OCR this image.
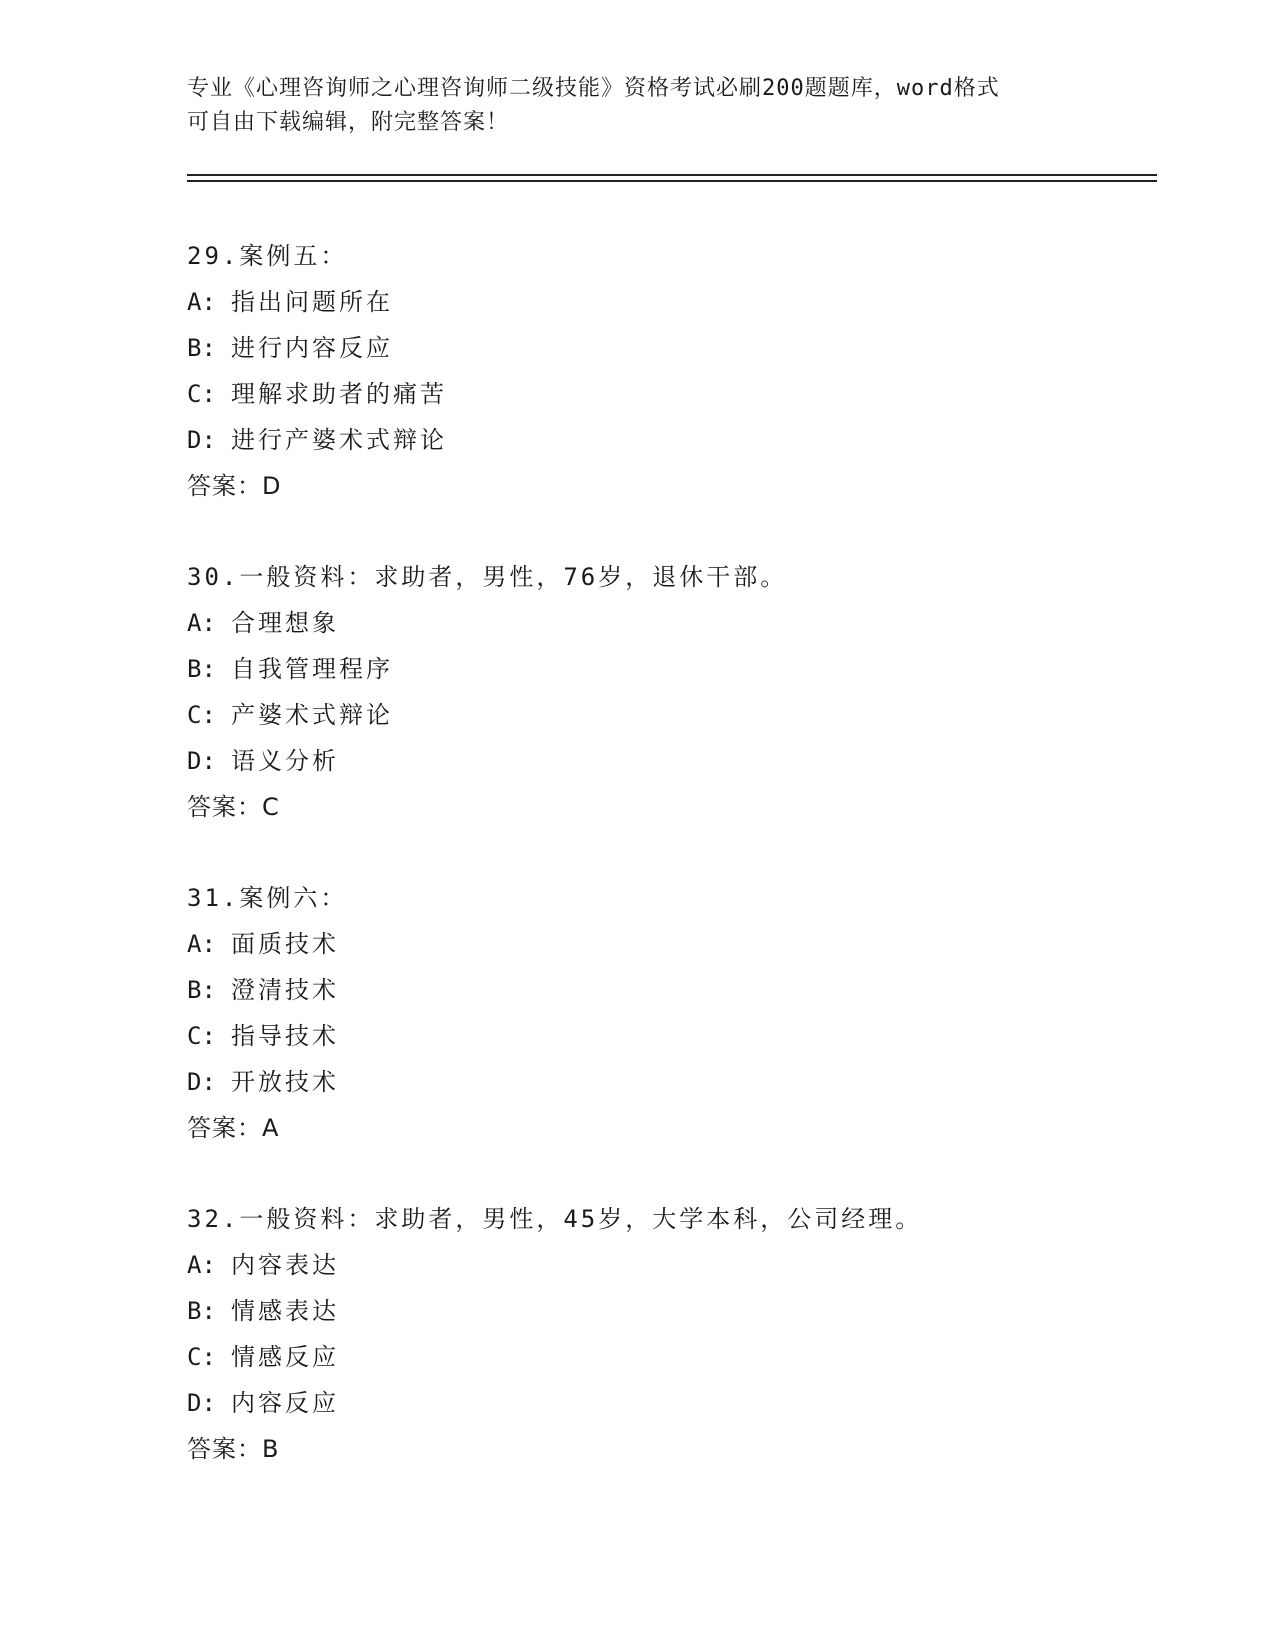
专业《心理咨询师之心理咨询师二级技能》资格考试必刷200题题库，word格式
可自由下载编辑，附完整答案！
29.案例五：
A: 指出问题所在
B: 进行内容反应
C: 理解求助者的痛苦
D: 进行产婆术式辩论
答案：D
30.一般资料：求助者，男性，76岁，退休干部。
A: 合理想象
B: 自我管理程序
C: 产婆术式辩论
D: 语义分析
答案：C
31.案例六：
A: 面质技术
B: 澄清技术
C: 指导技术
D: 开放技术
答案：A
32.一般资料：求助者，男性，45岁，大学本科，公司经理。
A: 内容表达
B: 情感表达
C: 情感反应
D: 内容反应
答案：B
